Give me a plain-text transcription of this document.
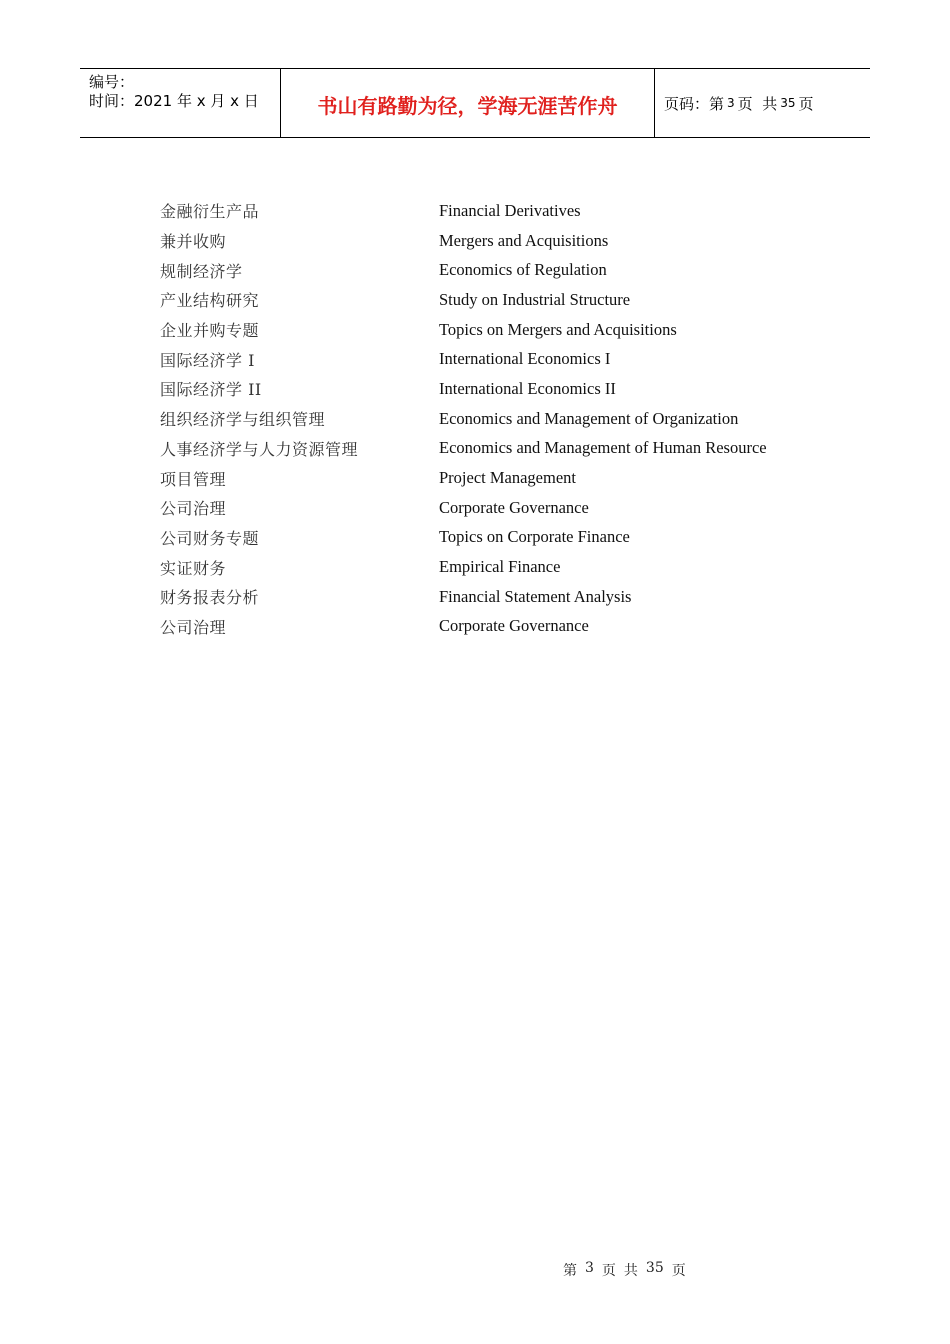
编号：
时间：2021 年 x 月 x 日	书山有路勤为径，学海无涯苦作舟	页码：第 3 页  共 35 页
金融衍生产品	Financial Derivatives
兼并收购	Mergers and Acquisitions
规制经济学	Economics of Regulation
产业结构研究	Study on Industrial Structure
企业并购专题	Topics on Mergers and Acquisitions
国际经济学 I	International Economics I
国际经济学 II	International Economics II
组织经济学与组织管理	Economics and Management of Organization
人事经济学与人力资源管理	Economics and Management of Human Resource
项目管理	Project Management
公司治理	Corporate Governance
公司财务专题	Topics on Corporate Finance
实证财务	Empirical Finance
财务报表分析	Financial Statement Analysis
公司治理	Corporate Governance
第 3 页 共 35 页
